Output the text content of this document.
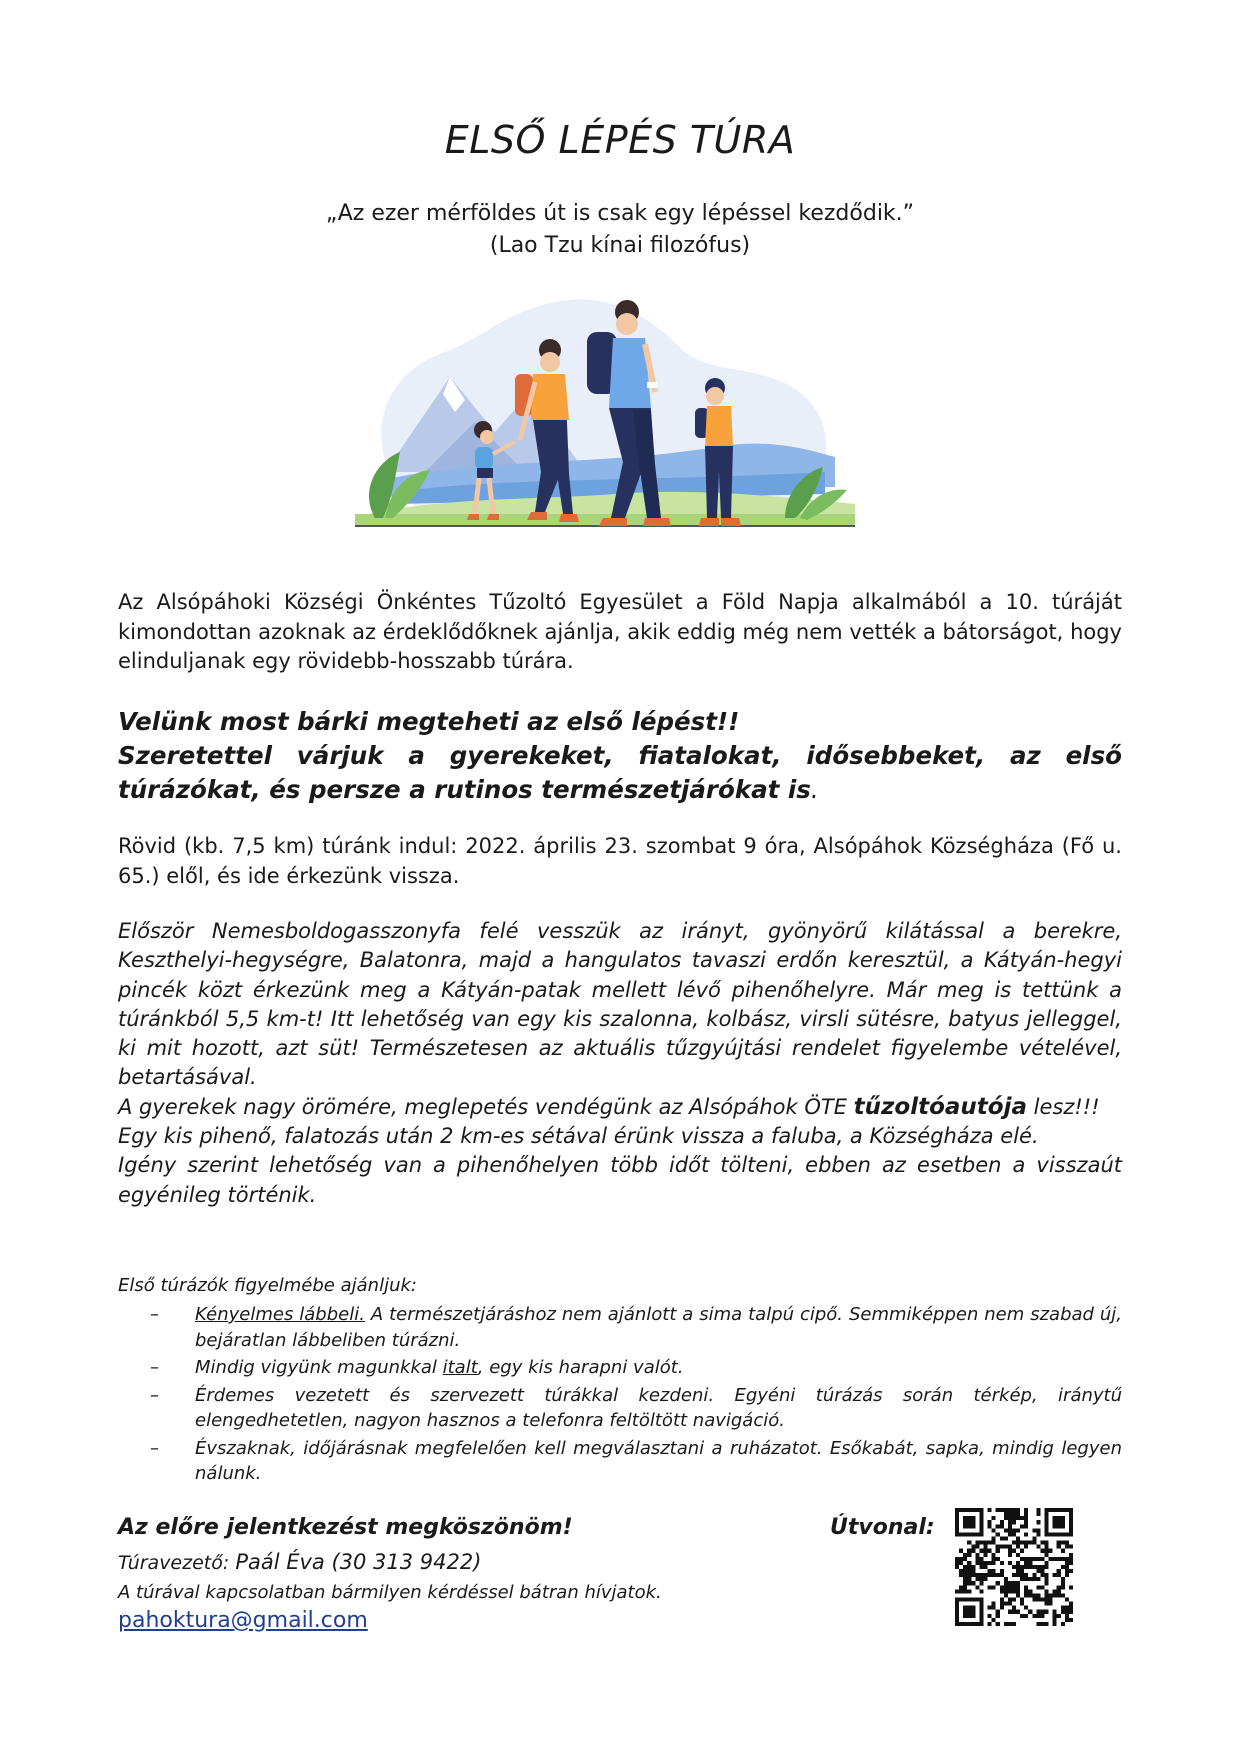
ELSŐ LÉPÉS TÚRA
„Az ezer mérföldes út is csak egy lépéssel kezdődik.”
(Lao Tzu kínai filozófus)
Az Alsópáhoki Községi Önkéntes Tűzoltó Egyesület a Föld Napja alkalmából a 10. túráját kimondottan azoknak az érdeklődőknek ajánlja, akik eddig még nem vették a bátorságot, hogy elinduljanak egy rövidebb-hosszabb túrára.
Velünk most bárki megteheti az első lépést!!
Szeretettel várjuk a gyerekeket, fiatalokat, idősebbeket, az első túrázókat, és persze a rutinos természetjárókat is.
Rövid (kb. 7,5 km) túránk indul: 2022. április 23. szombat 9 óra, Alsópáhok Községháza (Fő u. 65.) elől, és ide érkezünk vissza.

Először Nemesboldogasszonyfa felé vesszük az irányt, gyönyörű kilátással a berekre, Keszthelyi-hegységre, Balatonra, majd a hangulatos tavaszi erdőn keresztül, a Kátyán-hegyi pincék közt érkezünk meg a Kátyán-patak mellett lévő pihenőhelyre. Már meg is tettünk a túránkból 5,5 km-t! Itt lehetőség van egy kis szalonna, kolbász, virsli sütésre, batyus jelleggel, ki mit hozott, azt süt! Természetesen az aktuális tűzgyújtási rendelet figyelembe vételével, betartásával.

A gyerekek nagy örömére, meglepetés vendégünk az Alsópáhok ÖTE tűzoltóautója lesz!!!

Egy kis pihenő, falatozás után 2 km-es sétával érünk vissza a faluba, a Községháza elé.

Igény szerint lehetőség van a pihenőhelyen több időt tölteni, ebben az esetben a visszaút egyénileg történik.

Első túrázók figyelmébe ajánljuk:
– Kényelmes lábbeli. A természetjáráshoz nem ajánlott a sima talpú cipő. Semmiképpen nem szabad új, bejáratlan lábbeliben túrázni.
– Mindig vigyünk magunkkal italt, egy kis harapni valót.
– Érdemes vezetett és szervezett túrákkal kezdeni. Egyéni túrázás során térkép, iránytű elengedhetetlen, nagyon hasznos a telefonra feltöltött navigáció.
– Évszaknak, időjárásnak megfelelően kell megválasztani a ruházatot. Esőkabát, sapka, mindig legyen nálunk.
Az előre jelentkezést megköszönöm!	Útvonal:
Túravezető: Paál Éva (30 313 9422)
A túrával kapcsolatban bármilyen kérdéssel bátran hívjatok.
pahoktura@gmail.com
